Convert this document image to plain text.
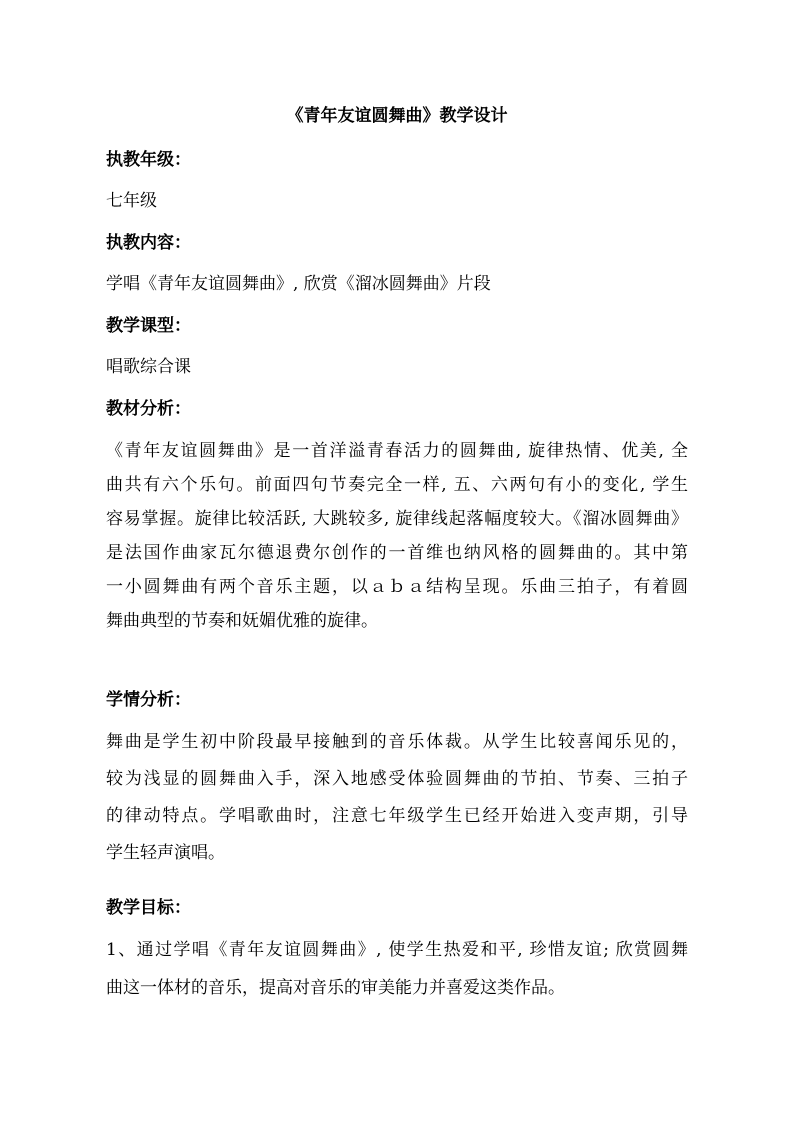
《青年友谊圆舞曲》教学设计
执教年级：
七年级
执教内容：
学唱《青年友谊圆舞曲》, 欣赏《溜冰圆舞曲》片段
教学课型：
唱歌综合课
教材分析：
《青年友谊圆舞曲》是一首洋溢青春活力的圆舞曲, 旋律热情、优美, 全
曲共有六个乐句。前面四句节奏完全一样, 五、六两句有小的变化, 学生
容易掌握。旋律比较活跃, 大跳较多, 旋律线起落幅度较大。《溜冰圆舞曲》
是法国作曲家瓦尔德退费尔创作的一首维也纳风格的圆舞曲的。其中第
一小圆舞曲有两个音乐主题，以ａｂａ结构呈现。乐曲三拍子，有着圆
舞曲典型的节奏和妩媚优雅的旋律。
学情分析：
舞曲是学生初中阶段最早接触到的音乐体裁。从学生比较喜闻乐见的，
较为浅显的圆舞曲入手，深入地感受体验圆舞曲的节拍、节奏、三拍子
的律动特点。学唱歌曲时，注意七年级学生已经开始进入变声期，引导
学生轻声演唱。
教学目标：
1、通过学唱《青年友谊圆舞曲》, 使学生热爱和平, 珍惜友谊; 欣赏圆舞
曲这一体材的音乐，提高对音乐的审美能力并喜爱这类作品。
